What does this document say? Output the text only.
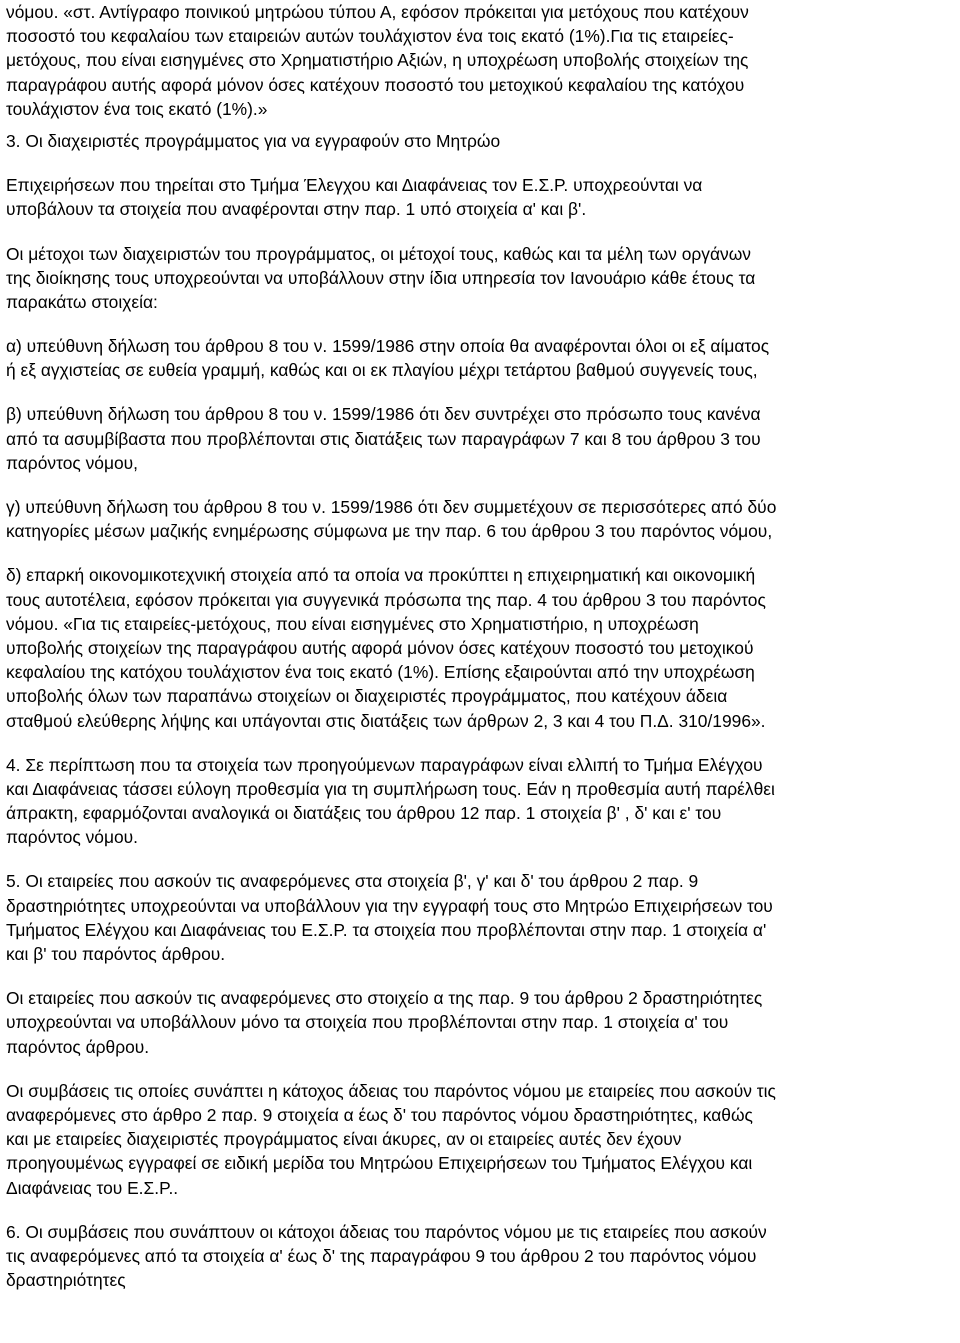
νόμου. «στ. Αντίγραφο ποινικού μητρώου τύπου Α, εφόσον πρόκειται για μετόχους που κατέχουν
ποσοστό του κεφαλαίου των εταιρειών αυτών τουλάχιστον ένα τοις εκατό (1%).Για τις εταιρείες-
μετόχους, που είναι εισηγμένες στο Χρηματιστήριο Αξιών, η υποχρέωση υποβολής στοιχείων της
παραγράφου αυτής αφορά μόνον όσες κατέχουν ποσοστό του μετοχικού κεφαλαίου της κατόχου
τουλάχιστον ένα τοις εκατό (1%).»
3. Οι διαχειριστές προγράμματος για να εγγραφούν στο Μητρώο
Επιχειρήσεων που τηρείται στο Τμήμα Έλεγχου και Διαφάνειας τον Ε.Σ.Ρ. υποχρεούνται να
υποβάλουν τα στοιχεία που αναφέρονται στην παρ. 1 υπό στοιχεία α' και β'.
Οι μέτοχοι των διαχειριστών του προγράμματος, οι μέτοχοί τους, καθώς και τα μέλη των οργάνων
της διοίκησης τους υποχρεούνται να υποβάλλουν στην ίδια υπηρεσία τον Ιανουάριο κάθε έτους τα
παρακάτω στοιχεία:
α) υπεύθυνη δήλωση του άρθρου 8 του ν. 1599/1986 στην οποία θα αναφέρονται όλοι οι εξ αίματος
ή εξ αγχιστείας σε ευθεία γραμμή, καθώς και οι εκ πλαγίου μέχρι τετάρτου βαθμού συγγενείς τους,
β) υπεύθυνη δήλωση του άρθρου 8 του ν. 1599/1986 ότι δεν συντρέχει στο πρόσωπο τους κανένα
από τα ασυμβίβαστα που προβλέπονται στις διατάξεις των παραγράφων 7 και 8 του άρθρου 3 του
παρόντος νόμου,
γ) υπεύθυνη δήλωση του άρθρου 8 του ν. 1599/1986 ότι δεν συμμετέχουν σε περισσότερες από δύο
κατηγορίες μέσων μαζικής ενημέρωσης σύμφωνα με την παρ. 6 του άρθρου 3 του παρόντος νόμου,
δ) επαρκή οικονομικοτεχνική στοιχεία από τα οποία να προκύπτει η επιχειρηματική και οικονομική
τους αυτοτέλεια, εφόσον πρόκειται για συγγενικά πρόσωπα της παρ. 4 του άρθρου 3 του παρόντος
νόμου. «Για τις εταιρείες-μετόχους, που είναι εισηγμένες στο Χρηματιστήριο, η υποχρέωση
υποβολής στοιχείων της παραγράφου αυτής αφορά μόνον όσες κατέχουν ποσοστό του μετοχικού
κεφαλαίου της κατόχου τουλάχιστον ένα τοις εκατό (1%). Επίσης εξαιρούνται από την υποχρέωση
υποβολής όλων των παραπάνω στοιχείων οι διαχειριστές προγράμματος, που κατέχουν άδεια
σταθμού ελεύθερης λήψης και υπάγονται στις διατάξεις των άρθρων 2, 3 και 4 του Π.Δ. 310/1996».
4. Σε περίπτωση που τα στοιχεία των προηγούμενων παραγράφων είναι ελλιπή το Τμήμα Ελέγχου
και Διαφάνειας τάσσει εύλογη προθεσμία για τη συμπλήρωση τους. Εάν η προθεσμία αυτή παρέλθει
άπρακτη, εφαρμόζονται αναλογικά οι διατάξεις του άρθρου 12 παρ. 1 στοιχεία β' , δ' και ε' του
παρόντος νόμου.
5. Οι εταιρείες που ασκούν τις αναφερόμενες στα στοιχεία β', γ' και δ' του άρθρου 2 παρ. 9
δραστηριότητες υποχρεούνται να υποβάλλουν για την εγγραφή τους στο Μητρώο Επιχειρήσεων του
Τμήματος Ελέγχου και Διαφάνειας του Ε.Σ.Ρ. τα στοιχεία που προβλέπονται στην παρ. 1 στοιχεία α'
και β' του παρόντος άρθρου.
Οι εταιρείες που ασκούν τις αναφερόμενες στο στοιχείο α της παρ. 9 του άρθρου 2 δραστηριότητες
υποχρεούνται να υποβάλλουν μόνο τα στοιχεία που προβλέπονται στην παρ. 1 στοιχεία α' του
παρόντος άρθρου.
Οι συμβάσεις τις οποίες συνάπτει η κάτοχος άδειας του παρόντος νόμου με εταιρείες που ασκούν τις
αναφερόμενες στο άρθρο 2 παρ. 9 στοιχεία α έως δ' του παρόντος νόμου δραστηριότητες, καθώς
και με εταιρείες διαχειριστές προγράμματος είναι άκυρες, αν οι εταιρείες αυτές δεν έχουν
προηγουμένως εγγραφεί σε ειδική μερίδα του Μητρώου Επιχειρήσεων του Τμήματος Ελέγχου και
Διαφάνειας του Ε.Σ.Ρ..
6. Οι συμβάσεις που συνάπτουν οι κάτοχοι άδειας του παρόντος νόμου με τις εταιρείες που ασκούν
τις αναφερόμενες από τα στοιχεία α' έως δ' της παραγράφου 9 του άρθρου 2 του παρόντος νόμου
δραστηριότητες
